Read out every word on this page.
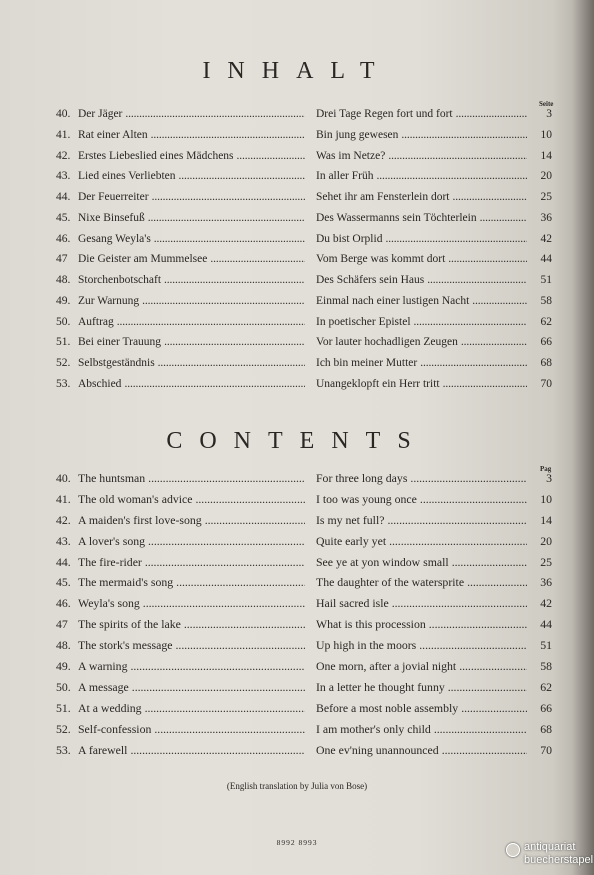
INHALT
Seite
40. Der Jäger . . .	Drei Tage Regen fort und fort . . .	3
41. Rat einer Alten . . .	Bin jung gewesen . . .	10
42. Erstes Liebeslied eines Mädchens . . .	Was im Netze? . . .	14
43. Lied eines Verliebten . . .	In aller Früh . . .	20
44. Der Feuerreiter . . .	Sehet ihr am Fensterlein dort . . .	25
45. Nixe Binsefuß . . .	Des Wassermanns sein Töchterlein . . .	36
46. Gesang Weyla's . . .	Du bist Orplid . . .	42
47 Die Geister am Mummelsee . . .	Vom Berge was kommt dort . . .	44
48. Storchenbotschaft . . .	Des Schäfers sein Haus . . .	51
49. Zur Warnung . . .	Einmal nach einer lustigen Nacht . . .	58
50. Auftrag . . .	In poetischer Epistel . . .	62
51. Bei einer Trauung . . .	Vor lauter hochadligen Zeugen . . .	66
52. Selbstgeständnis . . .	Ich bin meiner Mutter . . .	68
53. Abschied . . .	Unangeklopft ein Herr tritt . . .	70
CONTENTS
Pag
40. The huntsman . . .	For three long days . . .	3
41. The old woman's advice . . .	I too was young once . . .	10
42. A maiden's first love-song . . .	Is my net full? . . .	14
43. A lover's song . . .	Quite early yet . . .	20
44. The fire-rider . . .	See ye at yon window small . . .	25
45. The mermaid's song . . .	The daughter of the watersprite . . .	36
46. Weyla's song . . .	Hail sacred isle . . .	42
47 The spirits of the lake . . .	What is this procession . . .	44
48. The stork's message . . .	Up high in the moors . . .	51
49. A warning . . .	One morn, after a jovial night . . .	58
50. A message . . .	In a letter he thought funny . . .	62
51. At a wedding . . .	Before a most noble assembly . . .	66
52. Self-confession . . .	I am mother's only child . . .	68
53. A farewell . . .	One ev'ning unannounced . . .	70
(English translation by Julia von Bose)
8992 8993	antiquariat
buecherstapel
